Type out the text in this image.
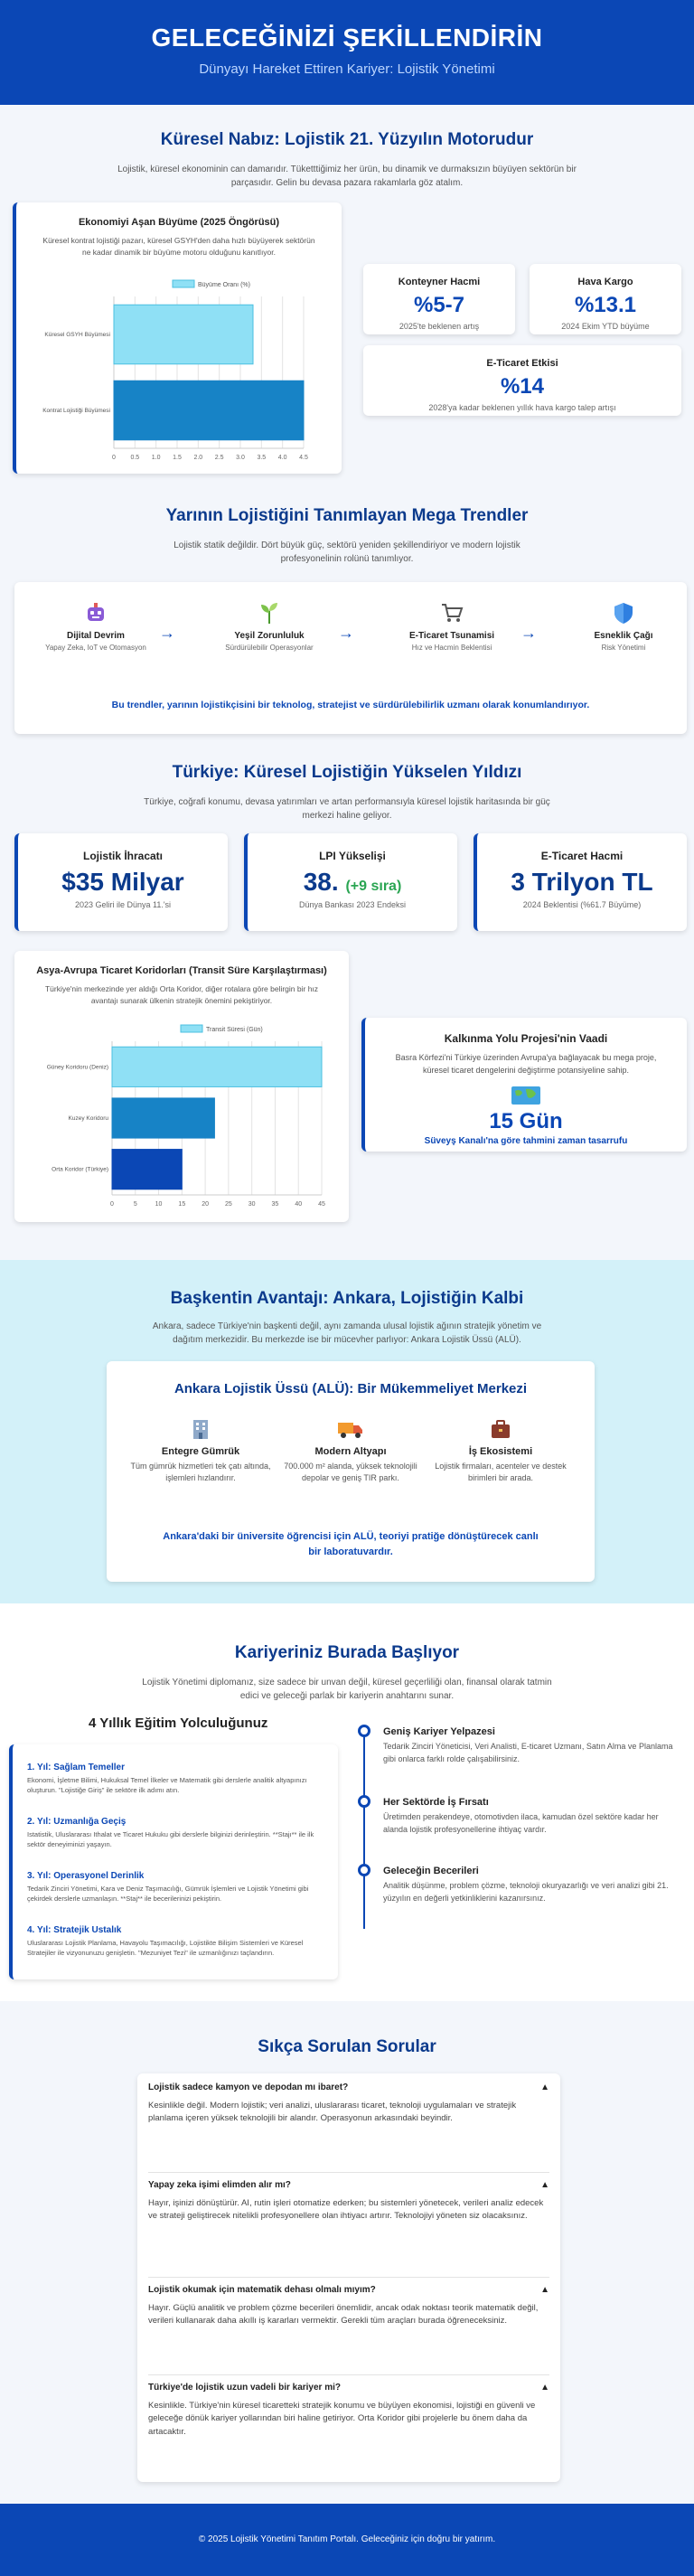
GELECEĞİNİZİ ŞEKİLLENDİRİN

Dünyayı Hareket Ettiren Kariyer: Lojistik Yönetimi

Küresel Nabız: Lojistik 21. Yüzyılın Motorudur
Lojistik, küresel ekonominin can damarıdır. Tüketttiğimiz her ürün, bu dinamik ve durmaksızın büyüyen sektörün bir parçasıdır. Gelin bu devasa pazara rakamlarla göz atalım.
Ekonomiyi Aşan Büyüme (2025 Öngörüsü)
Küresel kontrat lojistiği pazarı, küresel GSYH'den daha hızlı büyüyerek sektörün ne kadar dinamik bir büyüme motoru olduğunu kanıtlıyor.
Büyüme Oranı (%)
0 0.5 1.0 1.5 2.0 2.5 3.0 3.5 4.0 4.5
Küresel GSYH Büyümesi
Kontrat Lojistiği Büyümesi
Konteyner Hacmi
%5-7
2025'te beklenen artış
Hava Kargo
%13.1
2024 Ekim YTD büyüme
E-Ticaret Etkisi
%14
2028'ya kadar beklenen yıllık hava kargo talep artışı
Yarının Lojistiğini Tanımlayan Mega Trendler
Lojistik statik değildir. Dört büyük güç, sektörü yeniden şekillendiriyor ve modern lojistik profesyonelinin rolünü tanımlıyor.
Dijital Devrim
Yapay Zeka, IoT ve Otomasyon
→	Yeşil Zorunluluk
Sürdürülebilir Operasyonlar
→	E-Ticaret Tsunamisi
Hız ve Hacmin Beklentisi
→	Esneklik Çağı
Risk Yönetimi
Bu trendler, yarının lojistikçisini bir teknolog, stratejist ve sürdürülebilirlik uzmanı olarak konumlandırıyor.
Türkiye: Küresel Lojistiğin Yükselen Yıldızı
Türkiye, coğrafi konumu, devasa yatırımları ve artan performansıyla küresel lojistik haritasında bir güç merkezi haline geliyor.
Lojistik İhracatı
$35 Milyar
2023 Geliri ile Dünya 11.'si
LPI Yükselişi
38. (+9 sıra)
Dünya Bankası 2023 Endeksi
E-Ticaret Hacmi
3 Trilyon TL
2024 Beklentisi (%61.7 Büyüme)
Asya-Avrupa Ticaret Koridorları (Transit Süre Karşılaştırması)
Türkiye'nin merkezinde yer aldığı Orta Koridor, diğer rotalara göre belirgin bir hız avantajı sunarak ülkenin stratejik önemini pekiştiriyor.
Transit Süresi (Gün)
0	5	10	15	20	25	30	35	40	45
Güney Koridoru (Deniz)
Kuzey Koridoru
Orta Koridor (Türkiye)
Kalkınma Yolu Projesi'nin Vaadi
Basra Körfezi'ni Türkiye üzerinden Avrupa'ya bağlayacak bu mega proje, küresel ticaret dengelerini değiştirme potansiyeline sahip.
15 Gün
Süveyş Kanalı'na göre tahmini zaman tasarrufu
Başkentin Avantajı: Ankara, Lojistiğin Kalbi
Ankara, sadece Türkiye'nin başkenti değil, aynı zamanda ulusal lojistik ağının stratejik yönetim ve dağıtım merkezidir. Bu merkezde ise bir mücevher parlıyor: Ankara Lojistik Üssü (ALÜ).
Ankara Lojistik Üssü (ALÜ): Bir Mükemmeliyet Merkezi
Entegre Gümrük
Tüm gümrük hizmetleri tek çatı altında, işlemleri hızlandırır.
Modern Altyapı
700.000 m² alanda, yüksek teknolojili depolar ve geniş TIR parkı.
İş Ekosistemi
Lojistik firmaları, acenteler ve destek birimleri bir arada.
Ankara'daki bir üniversite öğrencisi için ALÜ, teoriyi pratiğe dönüştürecek canlı bir laboratuvardır.
Kariyeriniz Burada Başlıyor
Lojistik Yönetimi diplomanız, size sadece bir unvan değil, küresel geçerliliği olan, finansal olarak tatmin edici ve geleceği parlak bir kariyerin anahtarını sunar.
4 Yıllık Eğitim Yolculuğunuz
1. Yıl: Sağlam Temeller
Ekonomi, İşletme Bilimi, Hukuksal Temel İlkeler ve Matematik gibi derslerle analitik altyapınızı oluşturun. "Lojistiğe Giriş" ile sektöre ilk adımı atın.
2. Yıl: Uzmanlığa Geçiş
Istatistik, Uluslararası Ithalat ve Ticaret Hukuku gibi derslerle bilginizi derinleştirin. **Stajı** ile ilk sektör deneyiminizi yaşayın.
3. Yıl: Operasyonel Derinlik
Tedarik Zinciri Yönetimi, Kara ve Deniz Taşımacılığı, Gümrük İşlemleri ve Lojistik Yönetimi gibi çekirdek derslerle uzmanlaşın. **Staj** ile becerilerinizi pekiştirin.
4. Yıl: Stratejik Ustalık
Uluslararası Lojistik Planlama, Havayolu Taşımacılığı, Lojistikte Bilişim Sistemleri ve Küresel Stratejiler ile vizyonunuzu genişletin. "Mezuniyet Tezi" ile uzmanlığınızı taçlandırın.
Geniş Kariyer Yelpazesi
Tedarik Zinciri Yöneticisi, Veri Analisti, E-ticaret Uzmanı, Satın Alma ve Planlama gibi onlarca farklı rolde çalışabilirsiniz.
Her Sektörde İş Fırsatı
Üretimden perakendeye, otomotivden ilaca, kamudan özel sektöre kadar her alanda lojistik profesyonellerine ihtiyaç vardır.
Geleceğin Becerileri
Analitik düşünme, problem çözme, teknoloji okuryazarlığı ve veri analizi gibi 21. yüzyılın en değerli yetkinliklerini kazanırsınız.
Sıkça Sorulan Sorular
Lojistik sadece kamyon ve depodan mı ibaret?	▲
Kesinlikle değil. Modern lojistik; veri analizi, uluslararası ticaret, teknoloji uygulamaları ve stratejik planlama içeren yüksek teknolojili bir alandır. Operasyonun arkasındaki beyindir.
Yapay zeka işimi elimden alır mı?	▲
Hayır, işinizi dönüştürür. AI, rutin işleri otomatize ederken; bu sistemleri yönetecek, verileri analiz edecek ve strateji geliştirecek nitelikli profesyonellere olan ihtiyacı artırır. Teknolojiyi yöneten siz olacaksınız.
Lojistik okumak için matematik dehası olmalı mıyım?	▲
Hayır. Güçlü analitik ve problem çözme becerileri önemlidir, ancak odak noktası teorik matematik değil, verileri kullanarak daha akıllı iş kararları vermektir. Gerekli tüm araçları burada öğreneceksiniz.
Türkiye'de lojistik uzun vadeli bir kariyer mi?	▲
Kesinlikle. Türkiye'nin küresel ticaretteki stratejik konumu ve büyüyen ekonomisi, lojistiği en güvenli ve geleceğe dönük kariyer yollarından biri haline getiriyor. Orta Koridor gibi projelerle bu önem daha da artacaktır.
© 2025 Lojistik Yönetimi Tanıtım Portalı. Geleceğiniz için doğru bir yatırım.
